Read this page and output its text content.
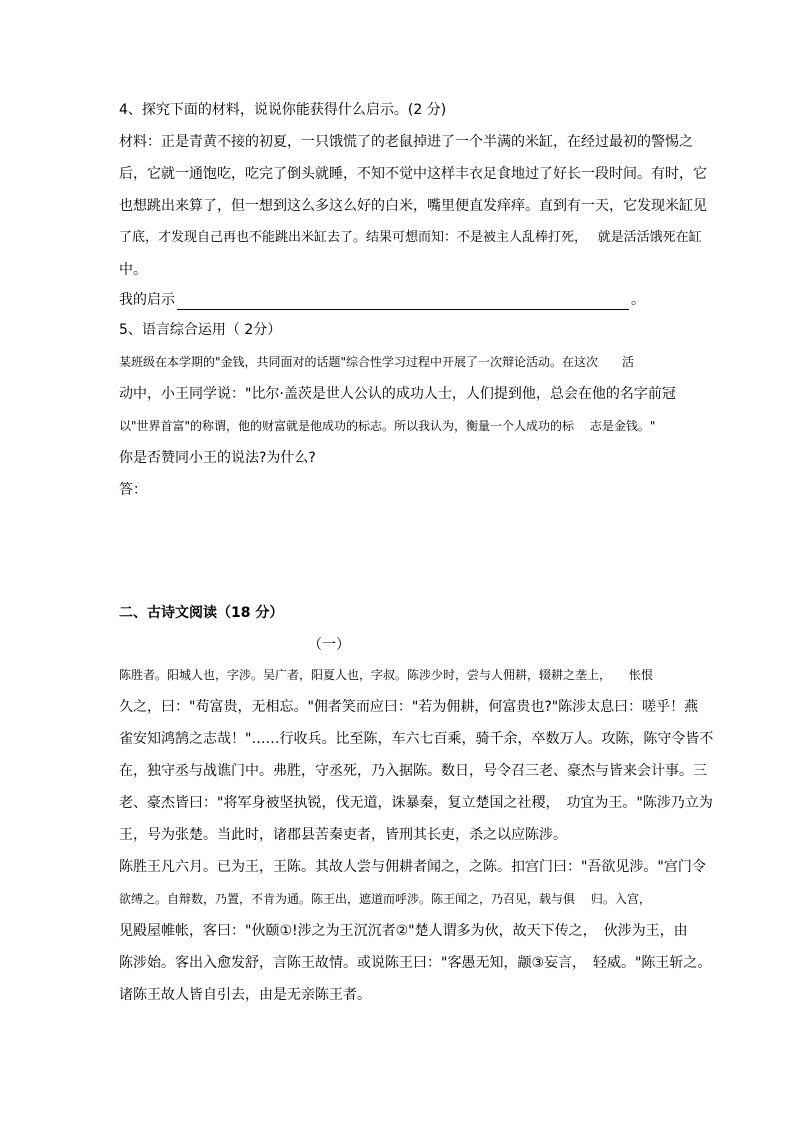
4、探究下面的材料，说说你能获得什么启示。(2 分)
材料：正是青黄不接的初夏，一只饿慌了的老鼠掉进了一个半满的米缸，在经过最初的警惕之
后，它就一通饱吃，吃完了倒头就睡，不知不觉中这样丰衣足食地过了好长一段时间。有时，它
也想跳出来算了，但一想到这么多这么好的白米，嘴里便直发痒痒。直到有一天，它发现米缸见
了底，才发现自己再也不能跳出米缸去了。结果可想而知：不是被主人乱棒打死，　 就是活活饿死在缸
中。
我的启示	。
5、语言综合运用（ 2分）
某班级在本学期的"金钱，共同面对的话题"综合性学习过程中开展了一次辩论活动。在这次　　活
动中，小王同学说："比尔·盖茨是世人公认的成功人士，人们提到他，总会在他的名字前冠
以"世界首富"的称谓，他的财富就是他成功的标志。所以我认为，衡量一个人成功的标　 志是金钱。"
你是否赞同小王的说法?为什么?
答：
二、古诗文阅读（18 分）
（一）
陈胜者。阳城人也，字涉。吴广者，阳夏人也，字叔。陈涉少时，尝与人佣耕，辍耕之垄上，　　怅恨
久之，曰："苟富贵，无相忘。"佣者笑而应曰："若为佣耕，何富贵也?"陈涉太息曰：嗟乎！燕
雀安知鸿鹄之志哉！"……行收兵。比至陈，车六七百乘，骑千余，卒数万人。攻陈，陈守令皆不
在，独守丞与战谯门中。弗胜，守丞死，乃入据陈。数日，号令召三老、豪杰与皆来会计事。三
老、豪杰皆曰："将军身被坚执锐，伐无道，诛暴秦，复立楚国之社稷，　功宜为王。"陈涉乃立为
王，号为张楚。当此时，诸郡县苦秦吏者，皆刑其长吏，杀之以应陈涉。
陈胜王凡六月。已为王，王陈。其故人尝与佣耕者闻之，之陈。扣宫门曰："吾欲见涉。"宫门令
欲缚之。自辩数，乃置，不肯为通。陈王出，遮道而呼涉。陈王闻之，乃召见，载与俱　 归。入宫，
见殿屋帷帐，客曰："伙颐①!涉之为王沉沉者②"楚人谓多为伙，故天下传之，　伙涉为王，由
陈涉始。客出入愈发舒，言陈王故情。或说陈王曰："客愚无知，颛③妄言，　轻威。"陈王斩之。
诸陈王故人皆自引去，由是无亲陈王者。
